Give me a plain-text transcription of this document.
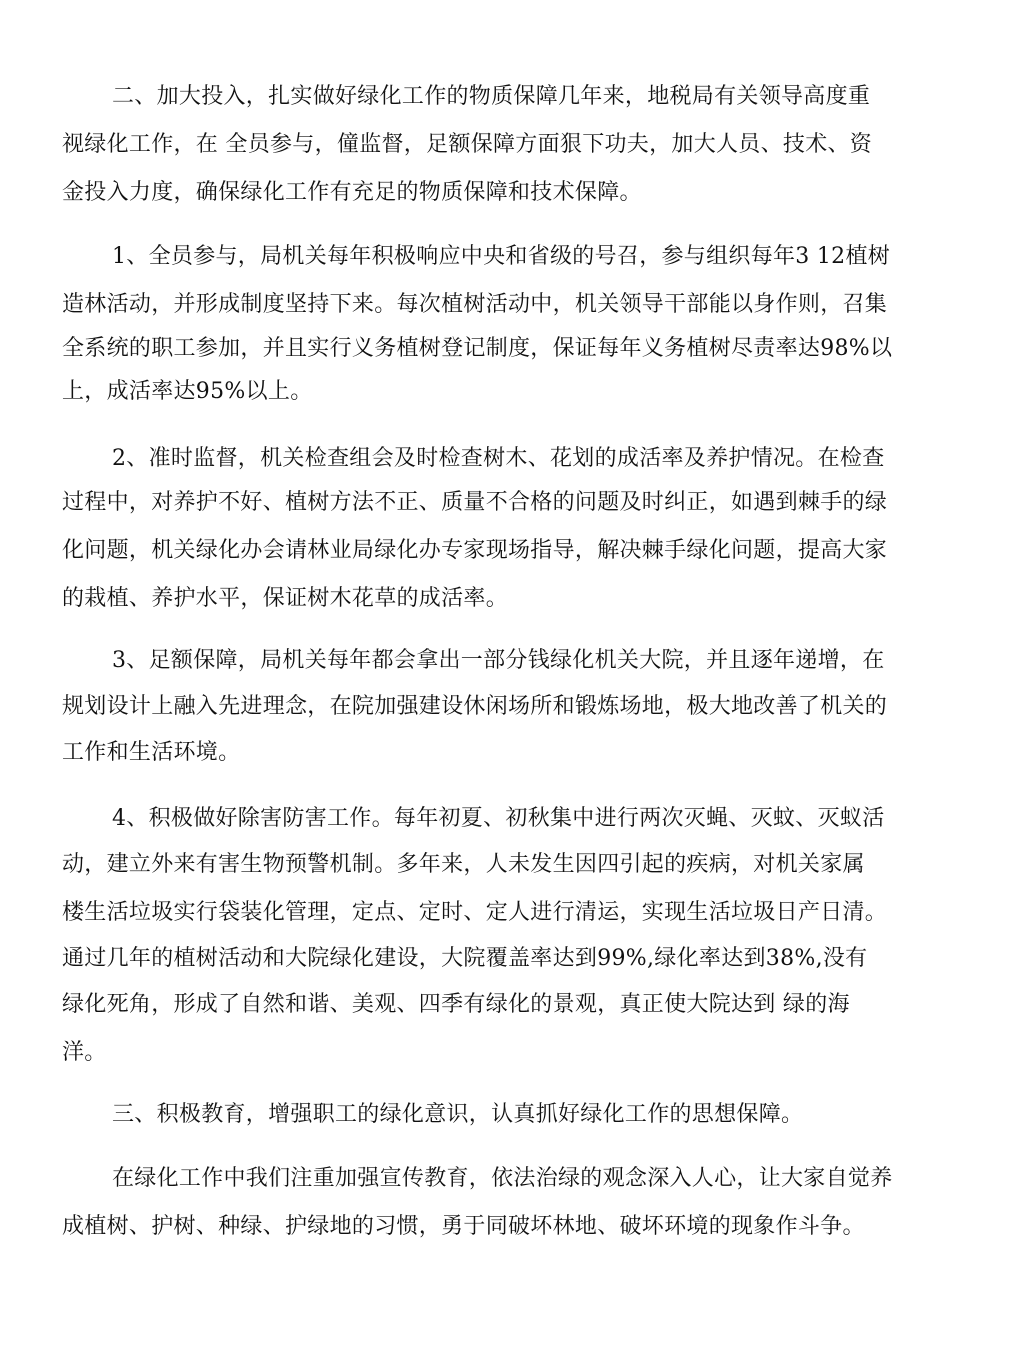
二、加大投入，扎实做好绿化工作的物质保障几年来，地税局有关领导高度重
视绿化工作，在 全员参与，僮监督，足额保障方面狠下功夫，加大人员、技术、资
金投入力度，确保绿化工作有充足的物质保障和技术保障。
1、全员参与，局机关每年积极响应中央和省级的号召，参与组织每年3 12植树
造林活动，并形成制度坚持下来。每次植树活动中，机关领导干部能以身作则，召集
全系统的职工参加，并且实行义务植树登记制度，保证每年义务植树尽责率达98%以
上，成活率达95%以上。
2、准时监督，机关检查组会及时检查树木、花划的成活率及养护情况。在检查
过程中，对养护不好、植树方法不正、质量不合格的问题及时纠正，如遇到棘手的绿
化问题，机关绿化办会请林业局绿化办专家现场指导，解决棘手绿化问题，提高大家
的栽植、养护水平，保证树木花草的成活率。
3、足额保障，局机关每年都会拿出一部分钱绿化机关大院，并且逐年递增，在
规划设计上融入先进理念，在院加强建设休闲场所和锻炼场地，极大地改善了机关的
工作和生活环境。
4、积极做好除害防害工作。每年初夏、初秋集中进行两次灭蝇、灭蚊、灭蚁活
动，建立外来有害生物预警机制。多年来，人未发生因四引起的疾病，对机关家属
楼生活垃圾实行袋装化管理，定点、定时、定人进行清运，实现生活垃圾日产日清。
通过几年的植树活动和大院绿化建设，大院覆盖率达到99%,绿化率达到38%,没有
绿化死角，形成了自然和谐、美观、四季有绿化的景观，真正使大院达到 绿的海
洋。
三、积极教育，增强职工的绿化意识，认真抓好绿化工作的思想保障。
在绿化工作中我们注重加强宣传教育，依法治绿的观念深入人心，让大家自觉养
成植树、护树、种绿、护绿地的习惯，勇于同破坏林地、破坏环境的现象作斗争。
